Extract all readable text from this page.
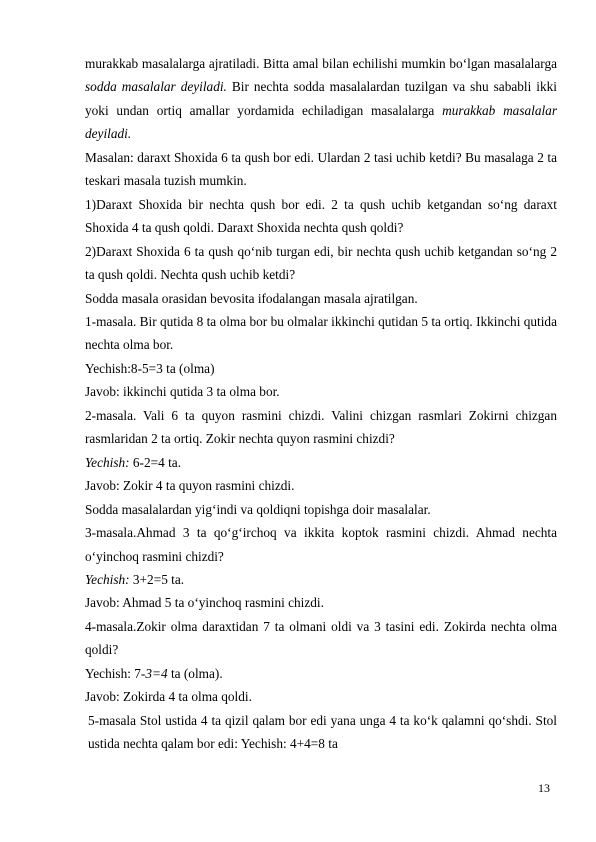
murakkab masalalarga ajratiladi. Bitta amal bilan echilishi mumkin bo‘lgan masalalarga sodda masalalar deyiladi. Bir nechta sodda masalalardan tuzilgan va shu sababli ikki yoki undan ortiq amallar yordamida echiladigan masalalarga murakkab masalalar deyiladi.

Masalan: daraxt Shoxida 6 ta qush bor edi. Ulardan 2 tasi uchib ketdi? Bu masalaga 2 ta teskari masala tuzish mumkin.

1)Daraxt Shoxida bir nechta qush bor edi. 2 ta qush uchib ketgandan so‘ng daraxt Shoxida 4 ta qush qoldi. Daraxt Shoxida nechta qush qoldi?

2)Daraxt Shoxida 6 ta qush qo‘nib turgan edi, bir nechta qush uchib ketgandan so‘ng 2 ta qush qoldi. Nechta qush uchib ketdi?

Sodda masala orasidan bevosita ifodalangan masala ajratilgan.

1-masala. Bir qutida 8 ta olma bor bu olmalar ikkinchi qutidan 5 ta ortiq. Ikkinchi qutida nechta olma bor.

Yechish:8-5=3 ta (olma)

Javob: ikkinchi qutida 3 ta olma bor.

2-masala. Vali 6 ta quyon rasmini chizdi. Valini chizgan rasmlari Zokirni chizgan rasmlaridan 2 ta ortiq. Zokir nechta quyon rasmini chizdi?

Yechish: 6-2=4 ta.

Javob: Zokir 4 ta quyon rasmini chizdi.

Sodda masalalardan yig‘indi va qoldiqni topishga doir masalalar.

3-masala.Ahmad 3 ta qo‘g‘irchoq va ikkita koptok rasmini chizdi. Ahmad nechta o‘yinchoq rasmini chizdi?

Yechish: 3+2=5 ta.

Javob: Ahmad 5 ta o‘yinchoq rasmini chizdi.

4-masala.Zokir olma daraxtidan 7 ta olmani oldi va 3 tasini edi. Zokirda nechta olma qoldi?

Yechish: 7-3=4 ta (olma).

Javob: Zokirda 4 ta olma qoldi.

5-masala Stol ustida 4 ta qizil qalam bor edi yana unga 4 ta ko‘k qalamni qo‘shdi. Stol ustida nechta qalam bor edi: Yechish: 4+4=8 ta

13
